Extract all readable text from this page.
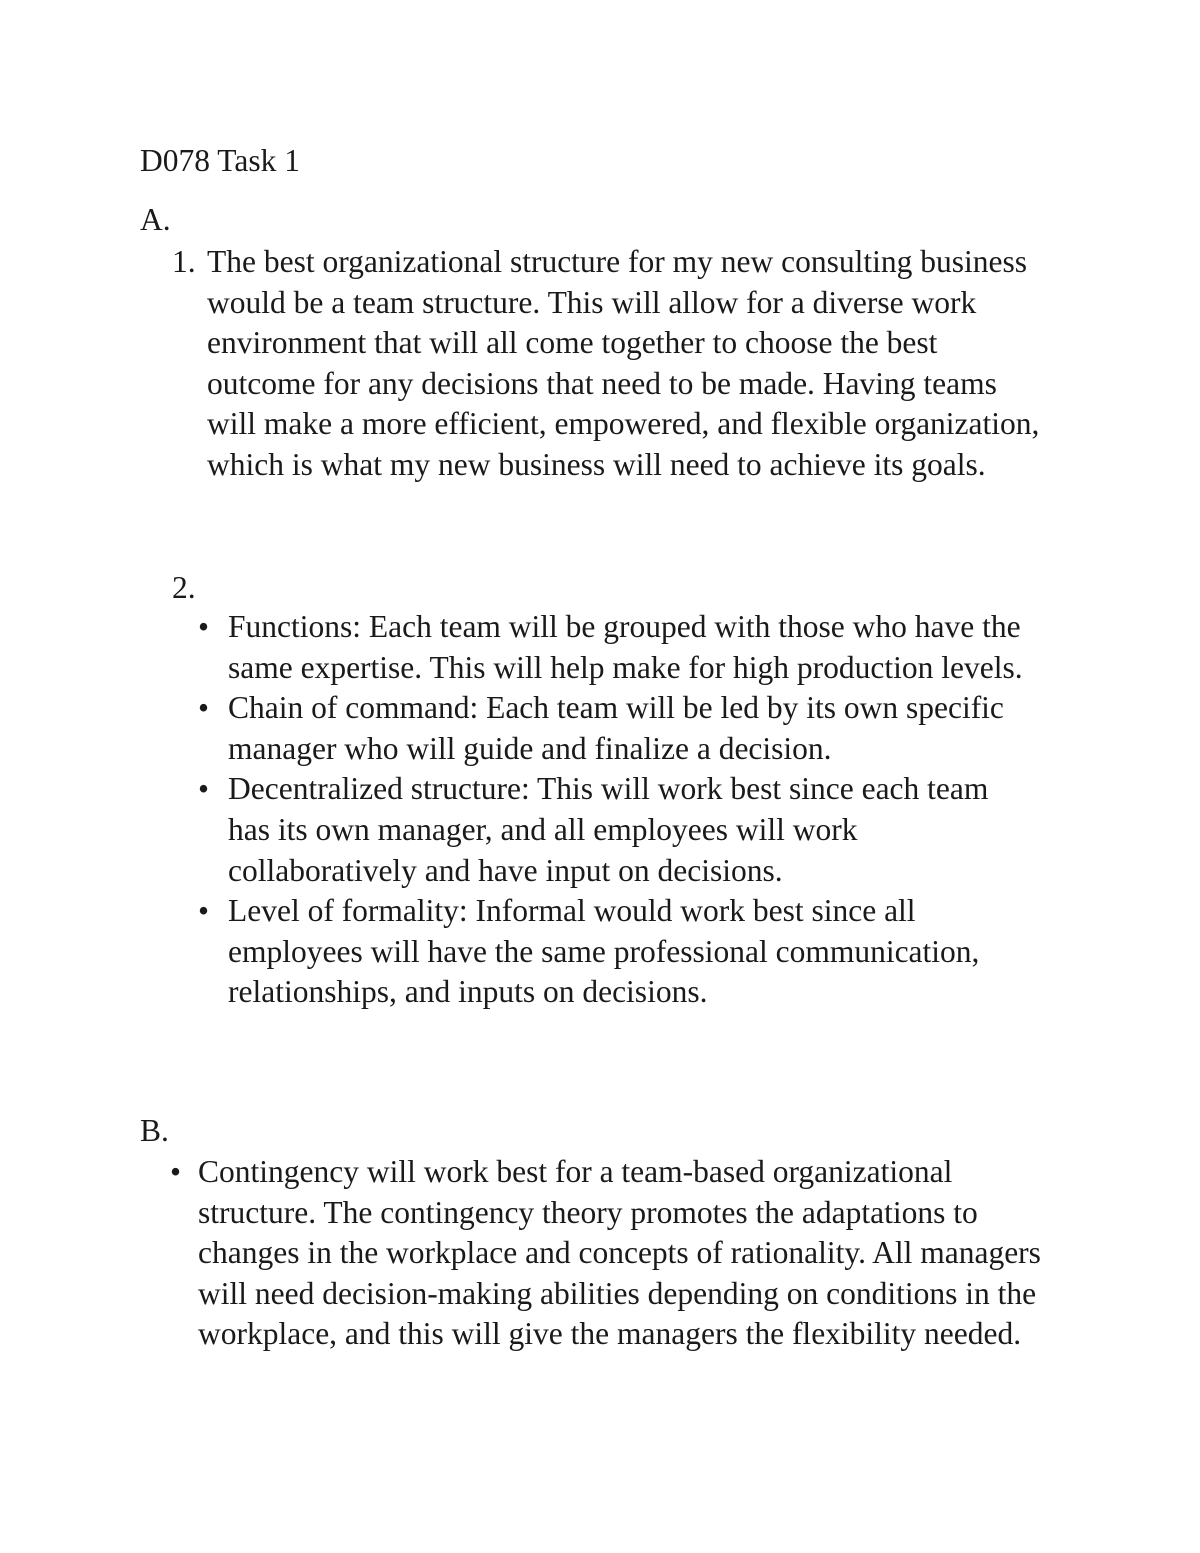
D078 Task 1
A.
1. The best organizational structure for my new consulting business would be a team structure. This will allow for a diverse work environment that will all come together to choose the best outcome for any decisions that need to be made. Having teams will make a more efficient, empowered, and flexible organization, which is what my new business will need to achieve its goals.
2.
• Functions: Each team will be grouped with those who have the same expertise. This will help make for high production levels.
• Chain of command: Each team will be led by its own specific manager who will guide and finalize a decision.
• Decentralized structure: This will work best since each team has its own manager, and all employees will work collaboratively and have input on decisions.
• Level of formality: Informal would work best since all employees will have the same professional communication, relationships, and inputs on decisions.
B.
• Contingency will work best for a team-based organizational structure. The contingency theory promotes the adaptations to changes in the workplace and concepts of rationality. All managers will need decision-making abilities depending on conditions in the workplace, and this will give the managers the flexibility needed.
